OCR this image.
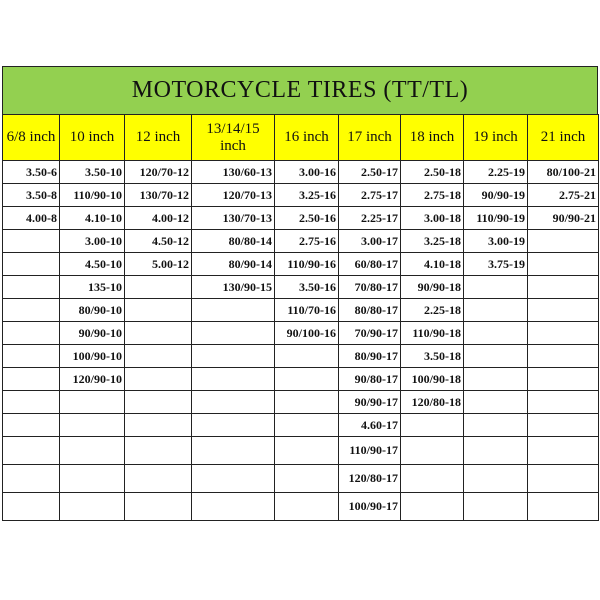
MOTORCYCLE TIRES (TT/TL)
6/8 inch	10 inch	12 inch	13/14/15 inch	16 inch	17 inch	18 inch	19 inch	21 inch
3.50-6	3.50-10	120/70-12	130/60-13	3.00-16	2.50-17	2.50-18	2.25-19	80/100-21
3.50-8	110/90-10	130/70-12	120/70-13	3.25-16	2.75-17	2.75-18	90/90-19	2.75-21
4.00-8	4.10-10	4.00-12	130/70-13	2.50-16	2.25-17	3.00-18	110/90-19	90/90-21
	3.00-10	4.50-12	80/80-14	2.75-16	3.00-17	3.25-18	3.00-19	
	4.50-10	5.00-12	80/90-14	110/90-16	60/80-17	4.10-18	3.75-19	
	135-10		130/90-15	3.50-16	70/80-17	90/90-18		
	80/90-10			110/70-16	80/80-17	2.25-18		
	90/90-10			90/100-16	70/90-17	110/90-18		
	100/90-10				80/90-17	3.50-18		
	120/90-10				90/80-17	100/90-18		
					90/90-17	120/80-18		
					4.60-17			
					110/90-17			
					120/80-17			
					100/90-17			
